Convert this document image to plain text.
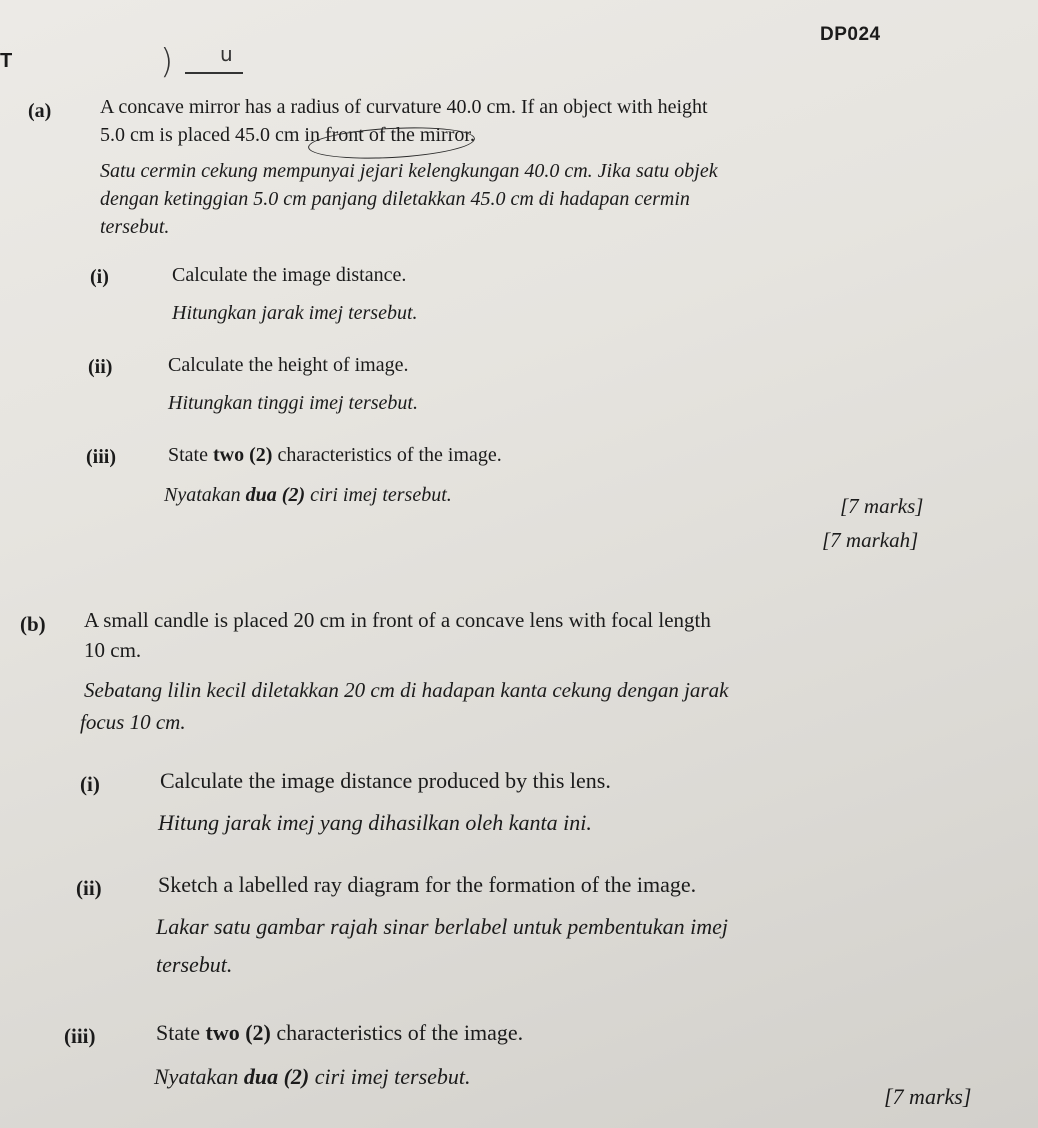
DP024
T	) u
(a) A concave mirror has a radius of curvature 40.0 cm. If an object with height
5.0 cm is placed 45.0 cm in front of the mirror.
Satu cermin cekung mempunyai jejari kelengkungan 40.0 cm. Jika satu objek
dengan ketinggian 5.0 cm panjang diletakkan 45.0 cm di hadapan cermin
tersebut.
(i)	Calculate the image distance.
Hitungkan jarak imej tersebut.
(ii)	Calculate the height of image.
Hitungkan tinggi imej tersebut.
(iii)	State two (2) characteristics of the image.
Nyatakan dua (2) ciri imej tersebut.	[7 marks]
[7 markah]
(b) A small candle is placed 20 cm in front of a concave lens with focal length
10 cm.
Sebatang lilin kecil diletakkan 20 cm di hadapan kanta cekung dengan jarak
focus 10 cm.
(i)	Calculate the image distance produced by this lens.
Hitung jarak imej yang dihasilkan oleh kanta ini.
(ii)	Sketch a labelled ray diagram for the formation of the image.
Lakar satu gambar rajah sinar berlabel untuk pembentukan imej
tersebut.
(iii)	State two (2) characteristics of the image.
Nyatakan dua (2) ciri imej tersebut.
[7 marks]
